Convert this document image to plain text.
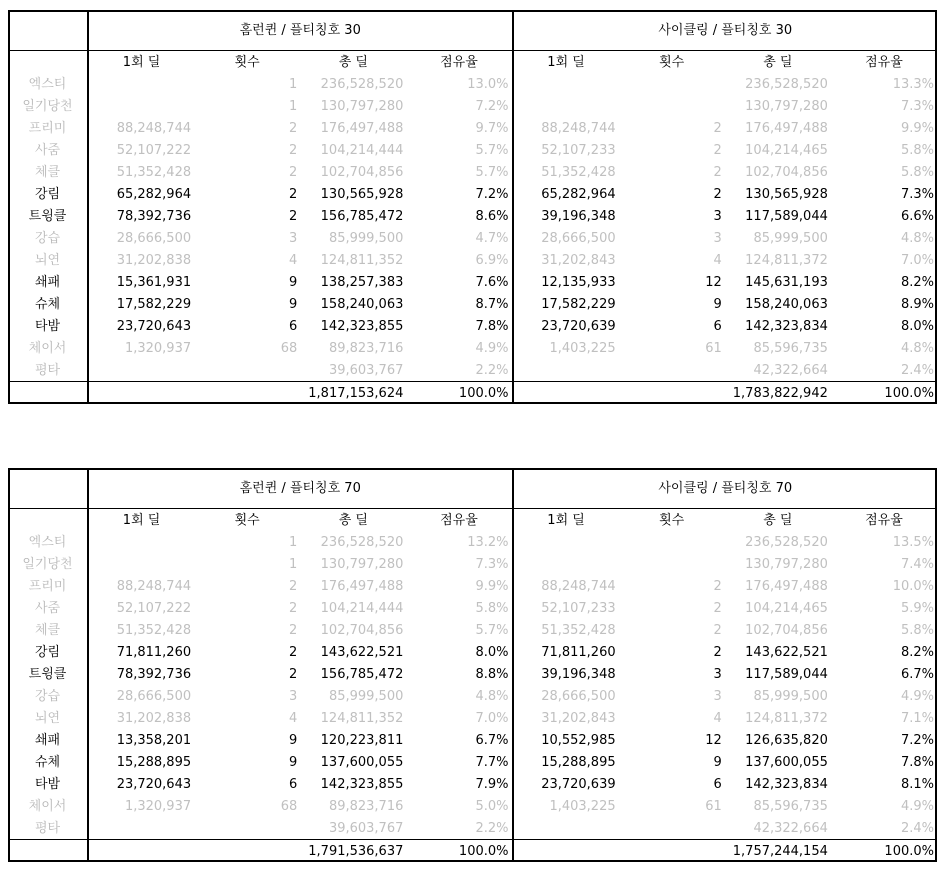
	홈런퀸 / 플티칭호 30				사이클링 / 플티칭호 30			
	1회 딜	횟수	총 딜	점유율	1회 딜	횟수	총 딜	점유율
엑스티		1	236,528,520	13.0%			236,528,520	13.3%
일기당천		1	130,797,280	7.2%			130,797,280	7.3%
프리미	88,248,744	2	176,497,488	9.7%	88,248,744	2	176,497,488	9.9%
사줌	52,107,222	2	104,214,444	5.7%	52,107,233	2	104,214,465	5.8%
체클	51,352,428	2	102,704,856	5.7%	51,352,428	2	102,704,856	5.8%
강림	65,282,964	2	130,565,928	7.2%	65,282,964	2	130,565,928	7.3%
트윙클	78,392,736	2	156,785,472	8.6%	39,196,348	3	117,589,044	6.6%
강습	28,666,500	3	85,999,500	4.7%	28,666,500	3	85,999,500	4.8%
뇌연	31,202,838	4	124,811,352	6.9%	31,202,843	4	124,811,372	7.0%
쇄패	15,361,931	9	138,257,383	7.6%	12,135,933	12	145,631,193	8.2%
슈체	17,582,229	9	158,240,063	8.7%	17,582,229	9	158,240,063	8.9%
타밤	23,720,643	6	142,323,855	7.8%	23,720,639	6	142,323,834	8.0%
체이서	1,320,937	68	89,823,716	4.9%	1,403,225	61	85,596,735	4.8%
평타			39,603,767	2.2%			42,322,664	2.4%
			1,817,153,624	100.0%			1,783,822,942	100.0%
	홈런퀸 / 플티칭호 70				사이클링 / 플티칭호 70			
	1회 딜	횟수	총 딜	점유율	1회 딜	횟수	총 딜	점유율
엑스티		1	236,528,520	13.2%			236,528,520	13.5%
일기당천		1	130,797,280	7.3%			130,797,280	7.4%
프리미	88,248,744	2	176,497,488	9.9%	88,248,744	2	176,497,488	10.0%
사줌	52,107,222	2	104,214,444	5.8%	52,107,233	2	104,214,465	5.9%
체클	51,352,428	2	102,704,856	5.7%	51,352,428	2	102,704,856	5.8%
강림	71,811,260	2	143,622,521	8.0%	71,811,260	2	143,622,521	8.2%
트윙클	78,392,736	2	156,785,472	8.8%	39,196,348	3	117,589,044	6.7%
강습	28,666,500	3	85,999,500	4.8%	28,666,500	3	85,999,500	4.9%
뇌연	31,202,838	4	124,811,352	7.0%	31,202,843	4	124,811,372	7.1%
쇄패	13,358,201	9	120,223,811	6.7%	10,552,985	12	126,635,820	7.2%
슈체	15,288,895	9	137,600,055	7.7%	15,288,895	9	137,600,055	7.8%
타밤	23,720,643	6	142,323,855	7.9%	23,720,639	6	142,323,834	8.1%
체이서	1,320,937	68	89,823,716	5.0%	1,403,225	61	85,596,735	4.9%
평타			39,603,767	2.2%			42,322,664	2.4%
			1,791,536,637	100.0%			1,757,244,154	100.0%
